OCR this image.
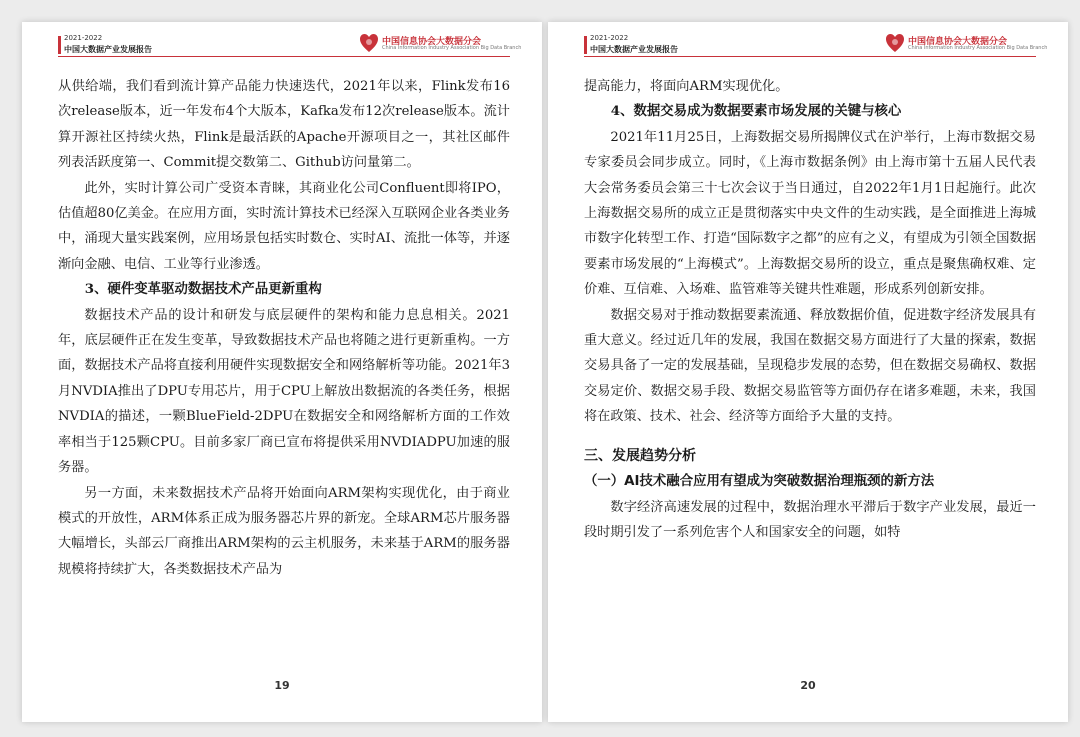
2021-2022
中国大数据产业发展报告
中国信息协会大数据分会
China Information Industry Association Big Data Branch

从供给端，我们看到流计算产品能力快速迭代，2021年以来，Flink发布16次release版本，近一年发布4个大版本，Kafka发布12次release版本。流计算开源社区持续火热，Flink是最活跃的Apache开源项目之一，其社区邮件列表活跃度第一、Commit提交数第二、Github访问量第二。

此外，实时计算公司广受资本青睐，其商业化公司Confluent即将IPO，估值超80亿美金。在应用方面，实时流计算技术已经深入互联网企业各类业务中，涌现大量实践案例，应用场景包括实时数仓、实时AI、流批一体等，并逐渐向金融、电信、工业等行业渗透。

3、硬件变革驱动数据技术产品更新重构

数据技术产品的设计和研发与底层硬件的架构和能力息息相关。2021年，底层硬件正在发生变革，导致数据技术产品也将随之进行更新重构。一方面，数据技术产品将直接利用硬件实现数据安全和网络解析等功能。2021年3月NVDIA推出了DPU专用芯片，用于CPU上解放出数据流的各类任务，根据NVDIA的描述，一颗BlueField-2DPU在数据安全和网络解析方面的工作效率相当于125颗CPU。目前多家厂商已宣布将提供采用NVDIADPU加速的服务器。

另一方面，未来数据技术产品将开始面向ARM架构实现优化，由于商业模式的开放性，ARM体系正成为服务器芯片界的新宠。全球ARM芯片服务器大幅增长，头部云厂商推出ARM架构的云主机服务，未来基于ARM的服务器规模将持续扩大，各类数据技术产品为

19

2021-2022
中国大数据产业发展报告
中国信息协会大数据分会
China Information Industry Association Big Data Branch

提高能力，将面向ARM实现优化。

4、数据交易成为数据要素市场发展的关键与核心

2021年11月25日，上海数据交易所揭牌仪式在沪举行，上海市数据交易专家委员会同步成立。同时，《上海市数据条例》由上海市第十五届人民代表大会常务委员会第三十七次会议于当日通过，自2022年1月1日起施行。此次上海数据交易所的成立正是贯彻落实中央文件的生动实践，是全面推进上海城市数字化转型工作、打造“国际数字之都”的应有之义，有望成为引领全国数据要素市场发展的“上海模式”。上海数据交易所的设立，重点是聚焦确权难、定价难、互信难、入场难、监管难等关键共性难题，形成系列创新安排。

数据交易对于推动数据要素流通、释放数据价值，促进数字经济发展具有重大意义。经过近几年的发展，我国在数据交易方面进行了大量的探索，数据交易具备了一定的发展基础，呈现稳步发展的态势，但在数据交易确权、数据交易定价、数据交易手段、数据交易监管等方面仍存在诸多难题，未来，我国将在政策、技术、社会、经济等方面给予大量的支持。

三、发展趋势分析
（一）AI技术融合应用有望成为突破数据治理瓶颈的新方法

数字经济高速发展的过程中，数据治理水平滞后于数字产业发展，最近一段时期引发了一系列危害个人和国家安全的问题，如特

20
